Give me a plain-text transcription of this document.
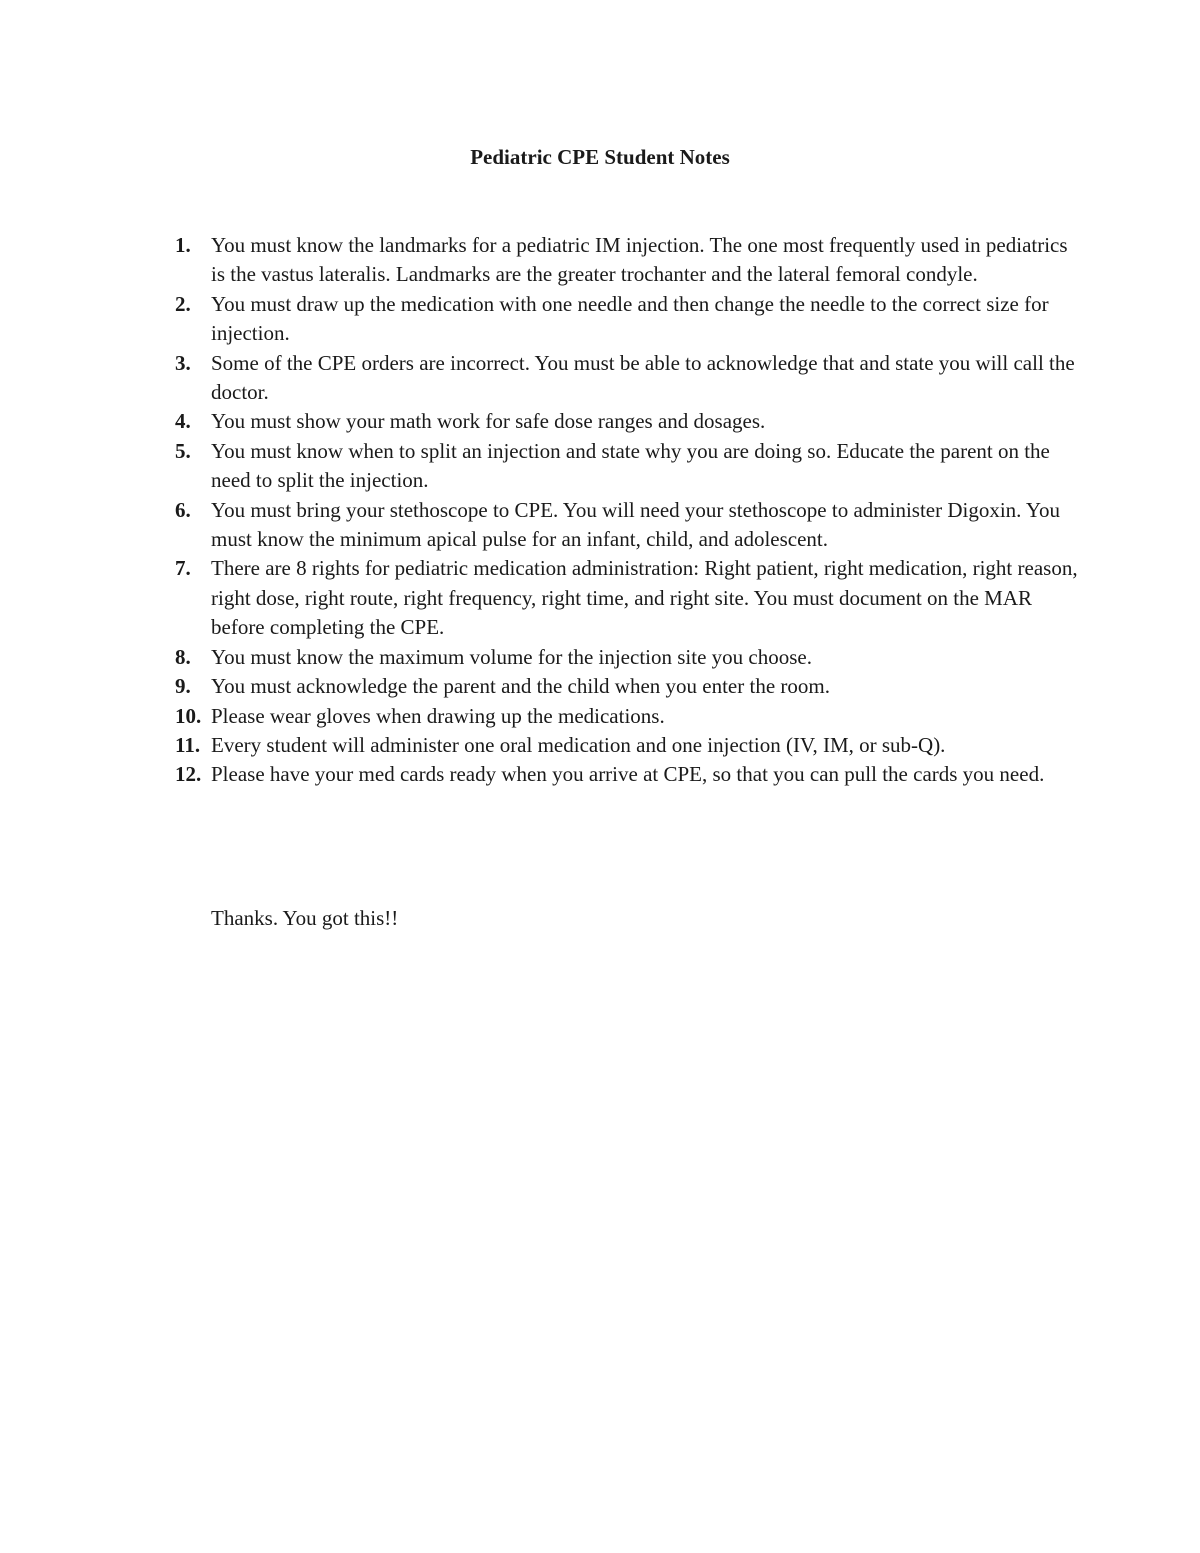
Pediatric CPE Student Notes
1. You must know the landmarks for a pediatric IM injection. The one most frequently used in pediatrics is the vastus lateralis. Landmarks are the greater trochanter and the lateral femoral condyle.
2. You must draw up the medication with one needle and then change the needle to the correct size for injection.
3. Some of the CPE orders are incorrect. You must be able to acknowledge that and state you will call the doctor.
4. You must show your math work for safe dose ranges and dosages.
5. You must know when to split an injection and state why you are doing so. Educate the parent on the need to split the injection.
6. You must bring your stethoscope to CPE. You will need your stethoscope to administer Digoxin. You must know the minimum apical pulse for an infant, child, and adolescent.
7. There are 8 rights for pediatric medication administration: Right patient, right medication, right reason, right dose, right route, right frequency, right time, and right site. You must document on the MAR before completing the CPE.
8. You must know the maximum volume for the injection site you choose.
9. You must acknowledge the parent and the child when you enter the room.
10. Please wear gloves when drawing up the medications.
11. Every student will administer one oral medication and one injection (IV, IM, or sub-Q).
12. Please have your med cards ready when you arrive at CPE, so that you can pull the cards you need.

Thanks. You got this!!
